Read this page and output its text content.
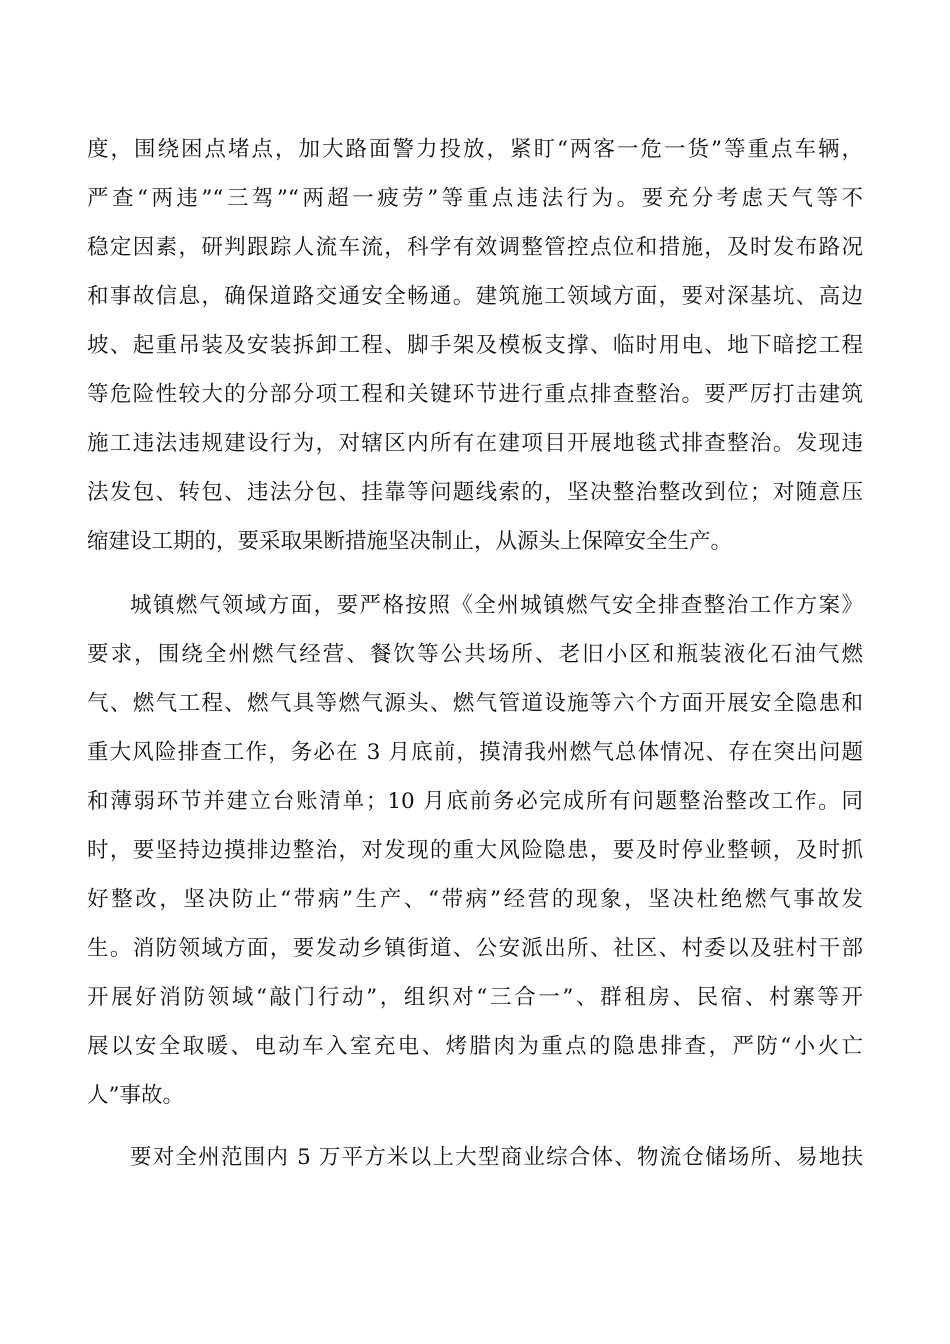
度，围绕困点堵点，加大路面警力投放，紧盯“两客一危一货”等重点车辆，
严查“两违”“三驾”“两超一疲劳”等重点违法行为。要充分考虑天气等不
稳定因素，研判跟踪人流车流，科学有效调整管控点位和措施，及时发布路况
和事故信息，确保道路交通安全畅通。建筑施工领域方面，要对深基坑、高边
坡、起重吊装及安装拆卸工程、脚手架及模板支撑、临时用电、地下暗挖工程
等危险性较大的分部分项工程和关键环节进行重点排查整治。要严厉打击建筑
施工违法违规建设行为，对辖区内所有在建项目开展地毯式排查整治。发现违
法发包、转包、违法分包、挂靠等问题线索的，坚决整治整改到位；对随意压
缩建设工期的，要采取果断措施坚决制止，从源头上保障安全生产。
城镇燃气领域方面，要严格按照《全州城镇燃气安全排查整治工作方案》
要求，围绕全州燃气经营、餐饮等公共场所、老旧小区和瓶装液化石油气燃
气、燃气工程、燃气具等燃气源头、燃气管道设施等六个方面开展安全隐患和
重大风险排查工作，务必在 3 月底前，摸清我州燃气总体情况、存在突出问题
和薄弱环节并建立台账清单；10 月底前务必完成所有问题整治整改工作。同
时，要坚持边摸排边整治，对发现的重大风险隐患，要及时停业整顿，及时抓
好整改，坚决防止“带病”生产、“带病”经营的现象，坚决杜绝燃气事故发
生。消防领域方面，要发动乡镇街道、公安派出所、社区、村委以及驻村干部
开展好消防领域“敲门行动”，组织对“三合一”、群租房、民宿、村寨等开
展以安全取暖、电动车入室充电、烤腊肉为重点的隐患排查，严防“小火亡
人”事故。
要对全州范围内 5 万平方米以上大型商业综合体、物流仓储场所、易地扶
